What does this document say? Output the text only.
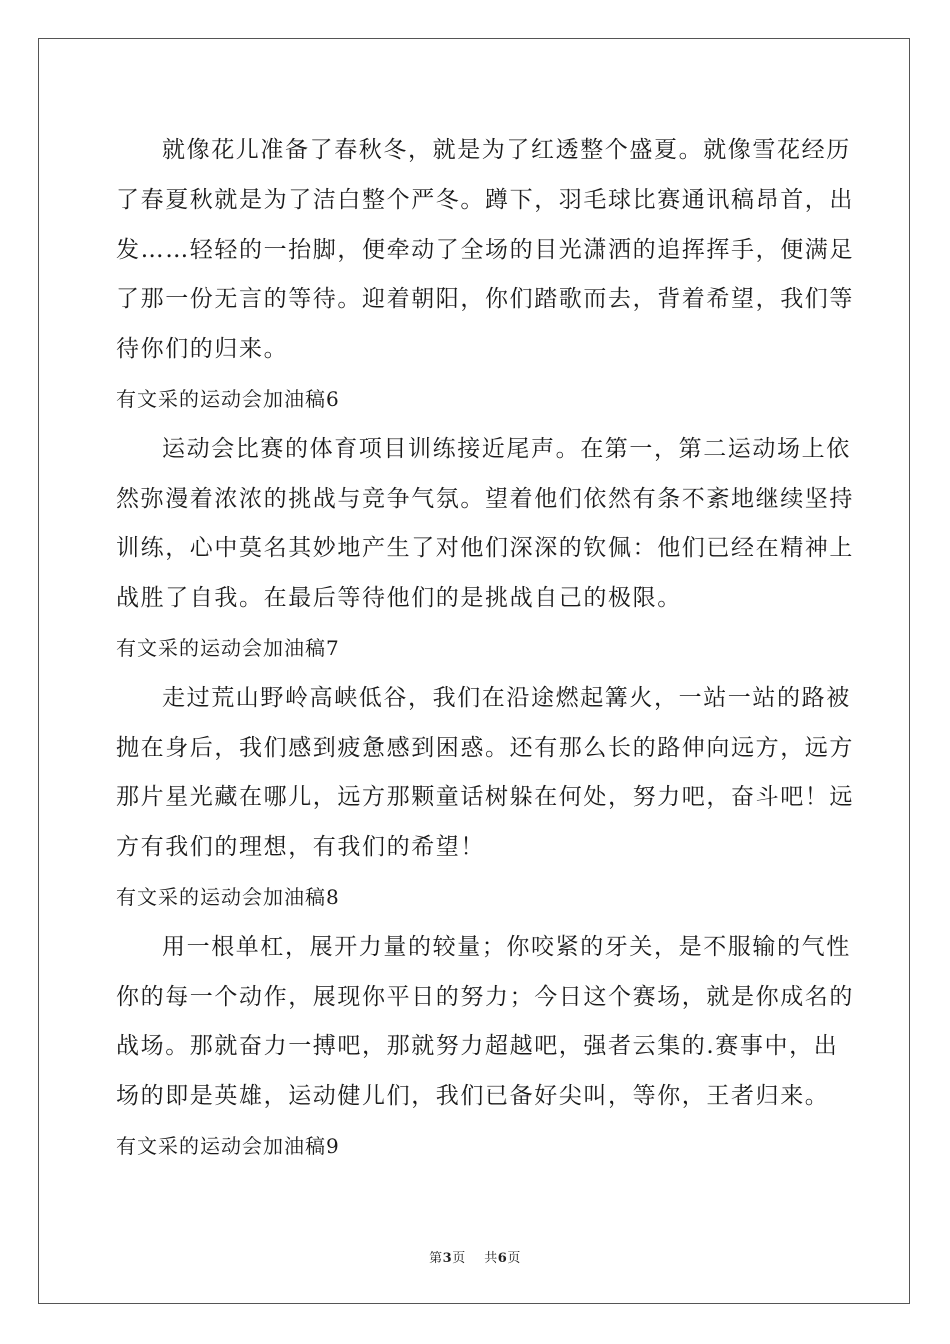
就像花儿准备了春秋冬，就是为了红透整个盛夏。就像雪花经历
了春夏秋就是为了洁白整个严冬。蹲下，羽毛球比赛通讯稿昂首，出
发……轻轻的一抬脚，便牵动了全场的目光潇洒的追挥挥手，便满足
了那一份无言的等待。迎着朝阳，你们踏歌而去，背着希望，我们等
待你们的归来。

有文采的运动会加油稿6

运动会比赛的体育项目训练接近尾声。在第一，第二运动场上依
然弥漫着浓浓的挑战与竞争气氛。望着他们依然有条不紊地继续坚持
训练，心中莫名其妙地产生了对他们深深的钦佩：他们已经在精神上
战胜了自我。在最后等待他们的是挑战自己的极限。

有文采的运动会加油稿7

走过荒山野岭高峡低谷，我们在沿途燃起篝火，一站一站的路被
抛在身后，我们感到疲惫感到困惑。还有那么长的路伸向远方，远方
那片星光藏在哪儿，远方那颗童话树躲在何处，努力吧，奋斗吧！远
方有我们的理想，有我们的希望！

有文采的运动会加油稿8

用一根单杠，展开力量的较量；你咬紧的牙关，是不服输的气性
你的每一个动作，展现你平日的努力；今日这个赛场，就是你成名的
战场。那就奋力一搏吧，那就努力超越吧，强者云集的.赛事中，出
场的即是英雄，运动健儿们，我们已备好尖叫，等你，王者归来。

有文采的运动会加油稿9
第3页 共6页
